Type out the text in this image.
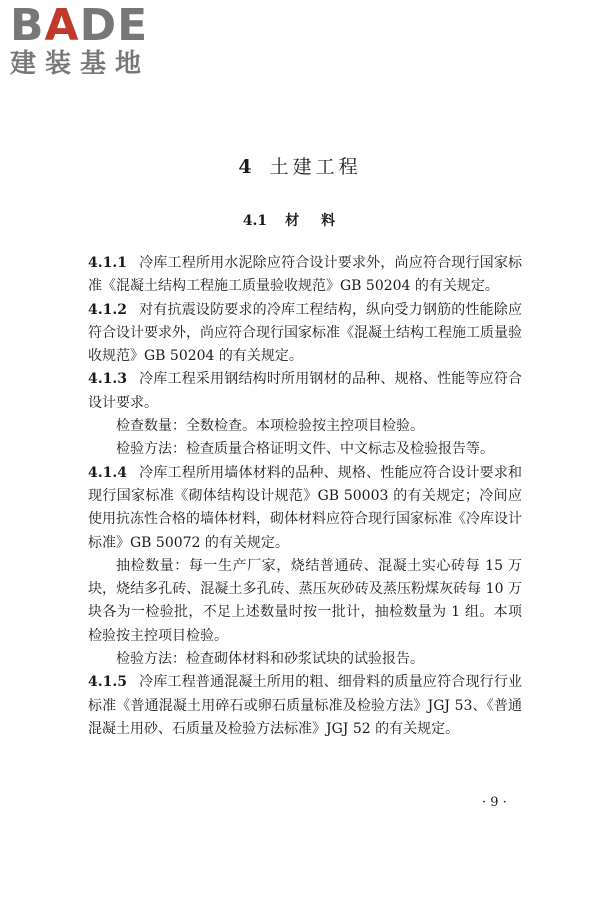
BADE
建装基地
4 土建工程
4.1 材料

4.1.1 冷库工程所用水泥除应符合设计要求外，尚应符合现行国家标准《混凝土结构工程施工质量验收规范》GB 50204 的有关规定。

4.1.2 对有抗震设防要求的冷库工程结构，纵向受力钢筋的性能除应符合设计要求外，尚应符合现行国家标准《混凝土结构工程施工质量验收规范》GB 50204 的有关规定。

4.1.3 冷库工程采用钢结构时所用钢材的品种、规格、性能等应符合设计要求。

检查数量：全数检查。本项检验按主控项目检验。

检验方法：检查质量合格证明文件、中文标志及检验报告等。

4.1.4 冷库工程所用墙体材料的品种、规格、性能应符合设计要求和现行国家标准《砌体结构设计规范》GB 50003 的有关规定；冷间应使用抗冻性合格的墙体材料，砌体材料应符合现行国家标准《冷库设计标准》GB 50072 的有关规定。

抽检数量：每一生产厂家，烧结普通砖、混凝土实心砖每 15 万块，烧结多孔砖、混凝土多孔砖、蒸压灰砂砖及蒸压粉煤灰砖每 10 万块各为一检验批，不足上述数量时按一批计，抽检数量为 1 组。本项检验按主控项目检验。

检验方法：检查砌体材料和砂浆试块的试验报告。

4.1.5 冷库工程普通混凝土所用的粗、细骨料的质量应符合现行行业标准《普通混凝土用碎石或卵石质量标准及检验方法》JGJ 53、《普通混凝土用砂、石质量及检验方法标准》JGJ 52 的有关规定。

· 9 ·
